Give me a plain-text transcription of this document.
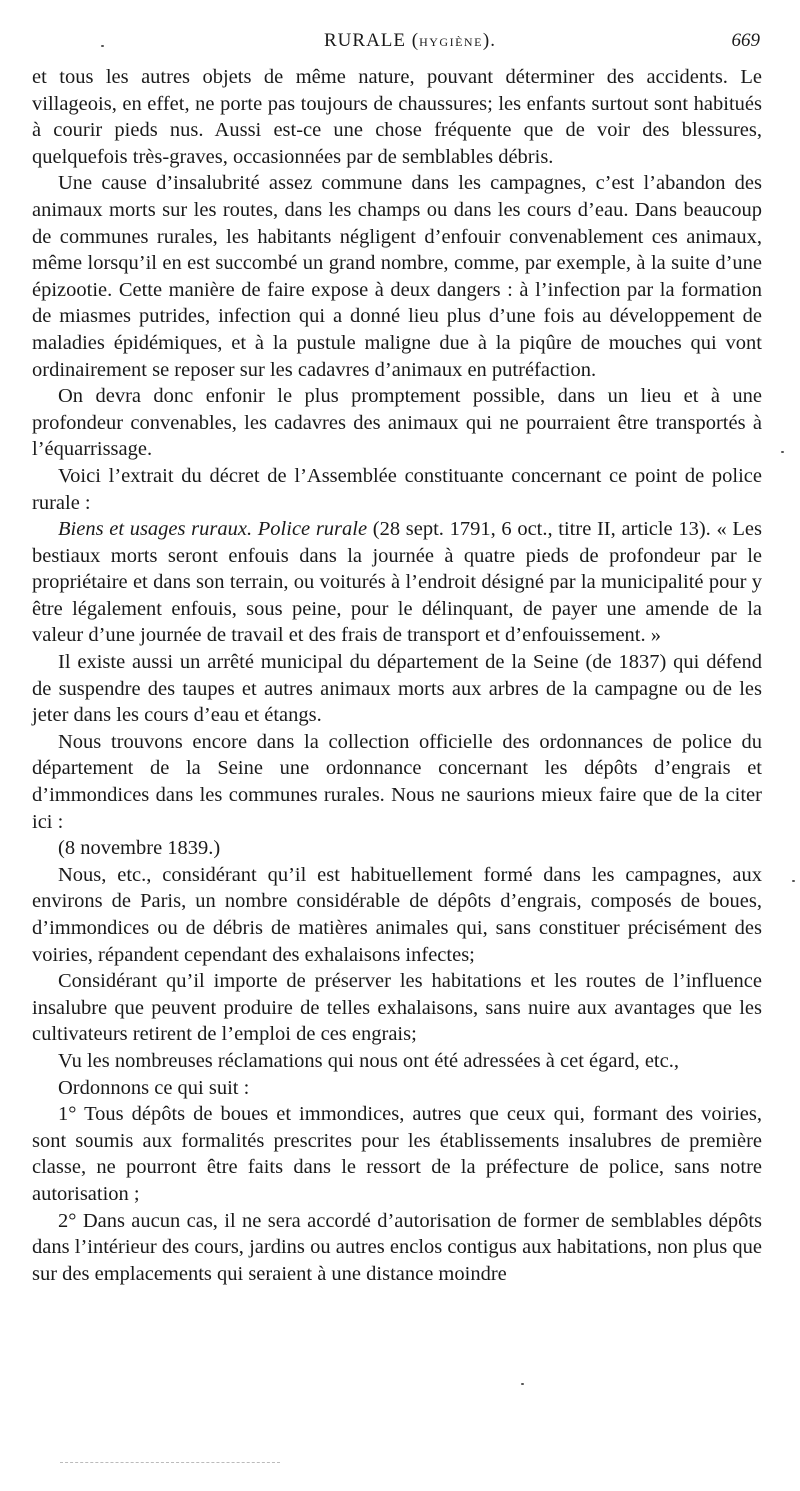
RURALE (HYGIÈNE).	669

et tous les autres objets de même nature, pouvant déterminer des accidents. Le villageois, en effet, ne porte pas toujours de chaussures; les enfants surtout sont habitués à courir pieds nus. Aussi est-ce une chose fréquente que de voir des blessures, quelquefois très-graves, occasionnées par de semblables débris.

Une cause d’insalubrité assez commune dans les campagnes, c’est l’abandon des animaux morts sur les routes, dans les champs ou dans les cours d’eau. Dans beaucoup de communes rurales, les habitants négligent d’enfouir convenablement ces animaux, même lorsqu’il en est succombé un grand nombre, comme, par exemple, à la suite d’une épizootie. Cette manière de faire expose à deux dangers : à l’infection par la formation de miasmes putrides, infection qui a donné lieu plus d’une fois au développement de maladies épidémiques, et à la pustule maligne due à la piqûre de mouches qui vont ordinairement se reposer sur les cadavres d’animaux en putréfaction.

On devra donc enfonir le plus promptement possible, dans un lieu et à une profondeur convenables, les cadavres des animaux qui ne pourraient être transportés à l’équarrissage.

Voici l’extrait du décret de l’Assemblée constituante concernant ce point de police rurale :

Biens et usages ruraux. Police rurale (28 sept. 1791, 6 oct., titre II, article 13). « Les bestiaux morts seront enfouis dans la journée à quatre pieds de profondeur par le propriétaire et dans son terrain, ou voiturés à l’endroit désigné par la municipalité pour y être légalement enfouis, sous peine, pour le délinquant, de payer une amende de la valeur d’une journée de travail et des frais de transport et d’enfouissement. »

Il existe aussi un arrêté municipal du département de la Seine (de 1837) qui défend de suspendre des taupes et autres animaux morts aux arbres de la campagne ou de les jeter dans les cours d’eau et étangs.

Nous trouvons encore dans la collection officielle des ordonnances de police du département de la Seine une ordonnance concernant les dépôts d’engrais et d’immondices dans les communes rurales. Nous ne saurions mieux faire que de la citer ici :

(8 novembre 1839.)

Nous, etc., considérant qu’il est habituellement formé dans les campagnes, aux environs de Paris, un nombre considérable de dépôts d’engrais, composés de boues, d’immondices ou de débris de matières animales qui, sans constituer précisément des voiries, répandent cependant des exhalaisons infectes;

Considérant qu’il importe de préserver les habitations et les routes de l’influence insalubre que peuvent produire de telles exhalaisons, sans nuire aux avantages que les cultivateurs retirent de l’emploi de ces engrais;

Vu les nombreuses réclamations qui nous ont été adressées à cet égard, etc.,

Ordonnons ce qui suit :

1° Tous dépôts de boues et immondices, autres que ceux qui, formant des voiries, sont soumis aux formalités prescrites pour les établissements insalubres de première classe, ne pourront être faits dans le ressort de la préfecture de police, sans notre autorisation ;

2° Dans aucun cas, il ne sera accordé d’autorisation de former de semblables dépôts dans l’intérieur des cours, jardins ou autres enclos contigus aux habitations, non plus que sur des emplacements qui seraient à une distance moindre
